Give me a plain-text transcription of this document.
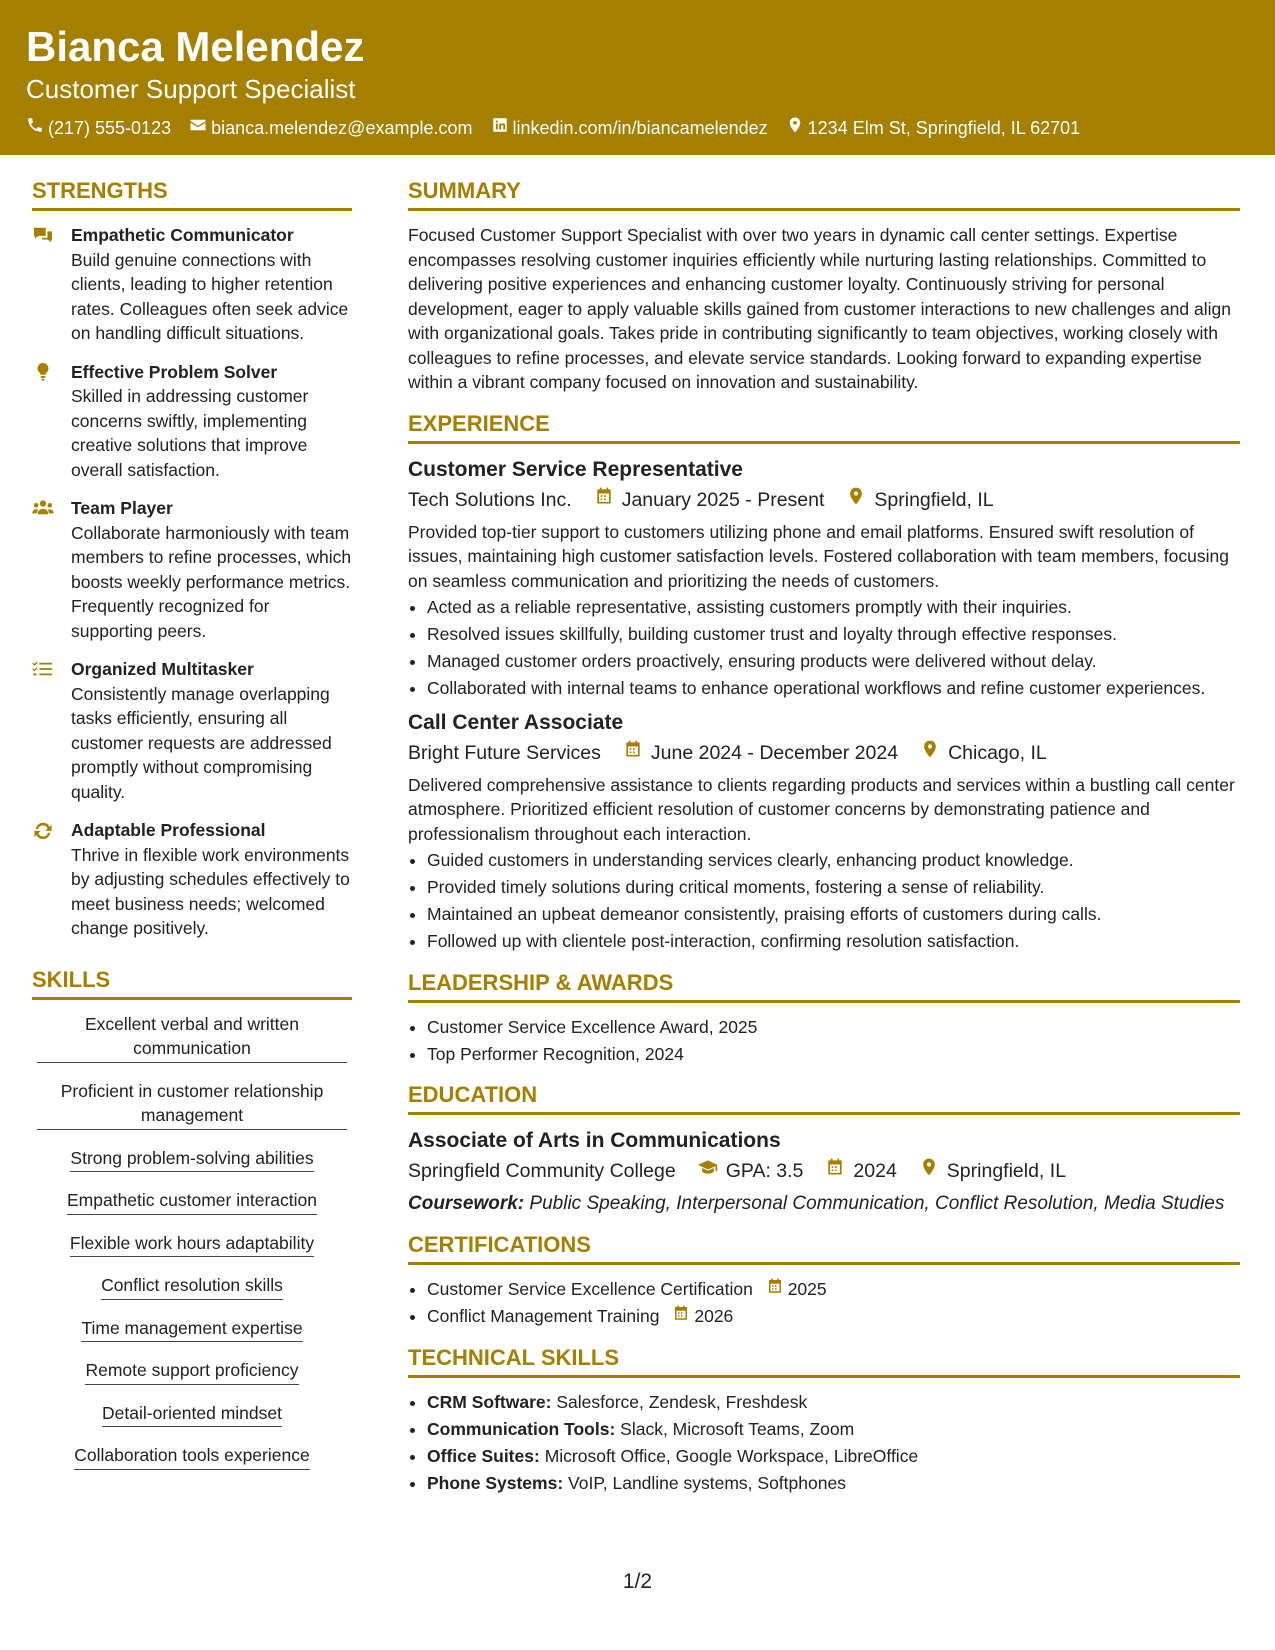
Bianca Melendez
Customer Support Specialist
(217) 555-0123 bianca.melendez@example.com linkedin.com/in/biancamelendez 1234 Elm St, Springfield, IL 62701
STRENGTHS
Empathetic Communicator
Build genuine connections with clients, leading to higher retention rates. Colleagues often seek advice on handling difficult situations.
Effective Problem Solver
Skilled in addressing customer concerns swiftly, implementing creative solutions that improve overall satisfaction.
Team Player
Collaborate harmoniously with team members to refine processes, which boosts weekly performance metrics. Frequently recognized for supporting peers.
Organized Multitasker
Consistently manage overlapping tasks efficiently, ensuring all customer requests are addressed promptly without compromising quality.
Adaptable Professional
Thrive in flexible work environments by adjusting schedules effectively to meet business needs; welcomed change positively.
SKILLS
Excellent verbal and written communication
Proficient in customer relationship management
Strong problem-solving abilities
Empathetic customer interaction
Flexible work hours adaptability
Conflict resolution skills
Time management expertise
Remote support proficiency
Detail-oriented mindset
Collaboration tools experience
SUMMARY

Focused Customer Support Specialist with over two years in dynamic call center settings. Expertise encompasses resolving customer inquiries efficiently while nurturing lasting relationships. Committed to delivering positive experiences and enhancing customer loyalty. Continuously striving for personal development, eager to apply valuable skills gained from customer interactions to new challenges and align with organizational goals. Takes pride in contributing significantly to team objectives, working closely with colleagues to refine processes, and elevate service standards. Looking forward to expanding expertise within a vibrant company focused on innovation and sustainability.

EXPERIENCE
Customer Service Representative
Tech Solutions Inc.	January 2025 - Present	Springfield, IL

Provided top-tier support to customers utilizing phone and email platforms. Ensured swift resolution of issues, maintaining high customer satisfaction levels. Fostered collaboration with team members, focusing on seamless communication and prioritizing the needs of customers.

• Acted as a reliable representative, assisting customers promptly with their inquiries.
• Resolved issues skillfully, building customer trust and loyalty through effective responses.
• Managed customer orders proactively, ensuring products were delivered without delay.
• Collaborated with internal teams to enhance operational workflows and refine customer experiences.
Call Center Associate
Bright Future Services	June 2024 - December 2024	Chicago, IL

Delivered comprehensive assistance to clients regarding products and services within a bustling call center atmosphere. Prioritized efficient resolution of customer concerns by demonstrating patience and professionalism throughout each interaction.

• Guided customers in understanding services clearly, enhancing product knowledge.
• Provided timely solutions during critical moments, fostering a sense of reliability.
• Maintained an upbeat demeanor consistently, praising efforts of customers during calls.
• Followed up with clientele post-interaction, confirming resolution satisfaction.
LEADERSHIP & AWARDS
• Customer Service Excellence Award, 2025
• Top Performer Recognition, 2024
EDUCATION
Associate of Arts in Communications
Springfield Community College	GPA: 3.5	2024	Springfield, IL
Coursework: Public Speaking, Interpersonal Communication, Conflict Resolution, Media Studies
CERTIFICATIONS
• Customer Service Excellence Certification 2025
• Conflict Management Training 2026
TECHNICAL SKILLS
• CRM Software: Salesforce, Zendesk, Freshdesk
• Communication Tools: Slack, Microsoft Teams, Zoom
• Office Suites: Microsoft Office, Google Workspace, LibreOffice
• Phone Systems: VoIP, Landline systems, Softphones
1/2
